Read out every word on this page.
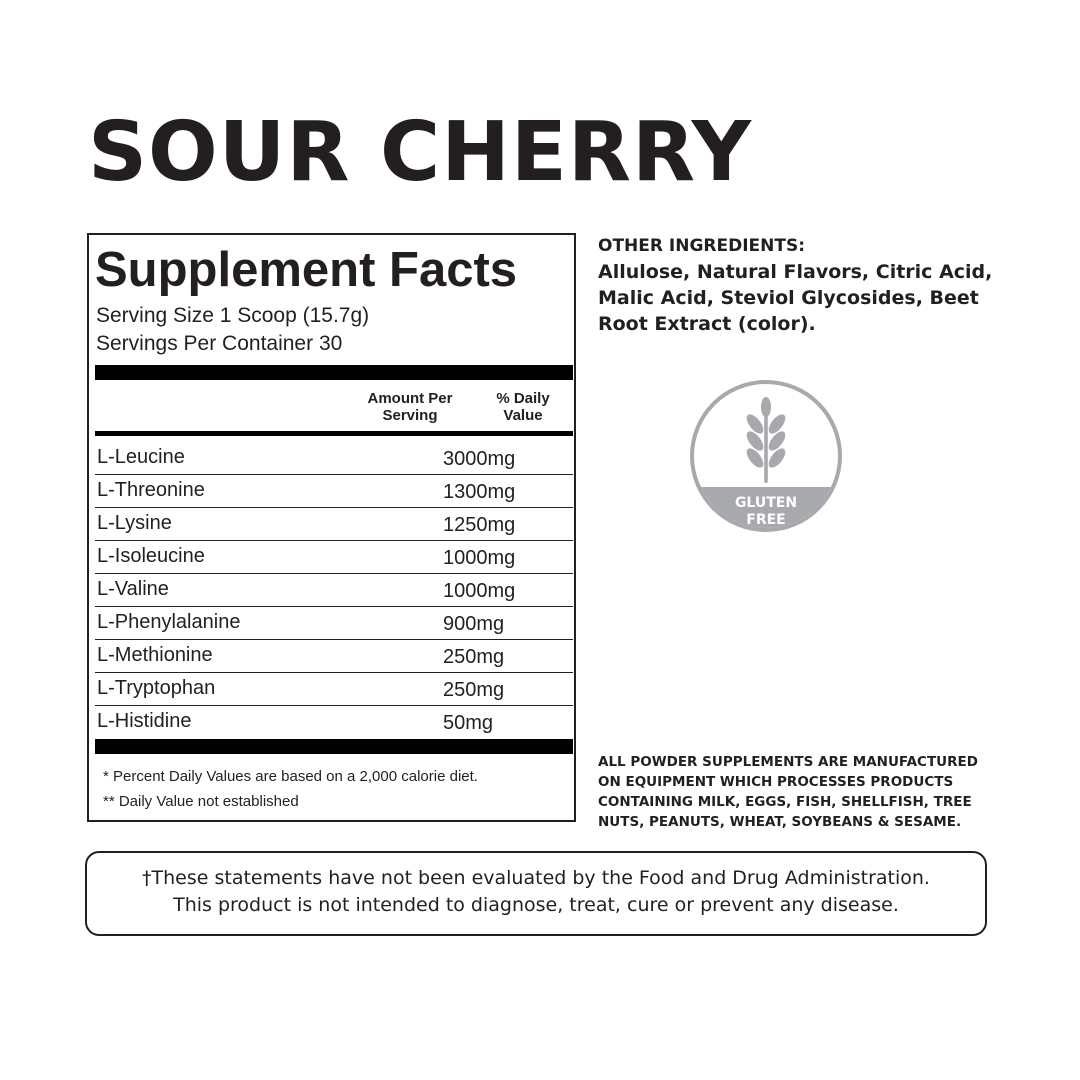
SOUR CHERRY
Supplement Facts
Serving Size 1 Scoop (15.7g)
Servings Per Container 30
Amount Per Serving
% Daily Value
L-Leucine	3000mg
L-Threonine	1300mg
L-Lysine	1250mg
L-Isoleucine	1000mg
L-Valine	1000mg
L-Phenylalanine	900mg
L-Methionine	250mg
L-Tryptophan	250mg
L-Histidine	50mg
* Percent Daily Values are based on a 2,000 calorie diet.
** Daily Value not established
OTHER INGREDIENTS:
Allulose, Natural Flavors, Citric Acid, Malic Acid, Steviol Glycosides, Beet Root Extract (color).
GLUTEN
FREE
ALL POWDER SUPPLEMENTS ARE MANUFACTURED
ON EQUIPMENT WHICH PROCESSES PRODUCTS
CONTAINING MILK, EGGS, FISH, SHELLFISH, TREE
NUTS, PEANUTS, WHEAT, SOYBEANS & SESAME.
†These statements have not been evaluated by the Food and Drug Administration.
This product is not intended to diagnose, treat, cure or prevent any disease.
